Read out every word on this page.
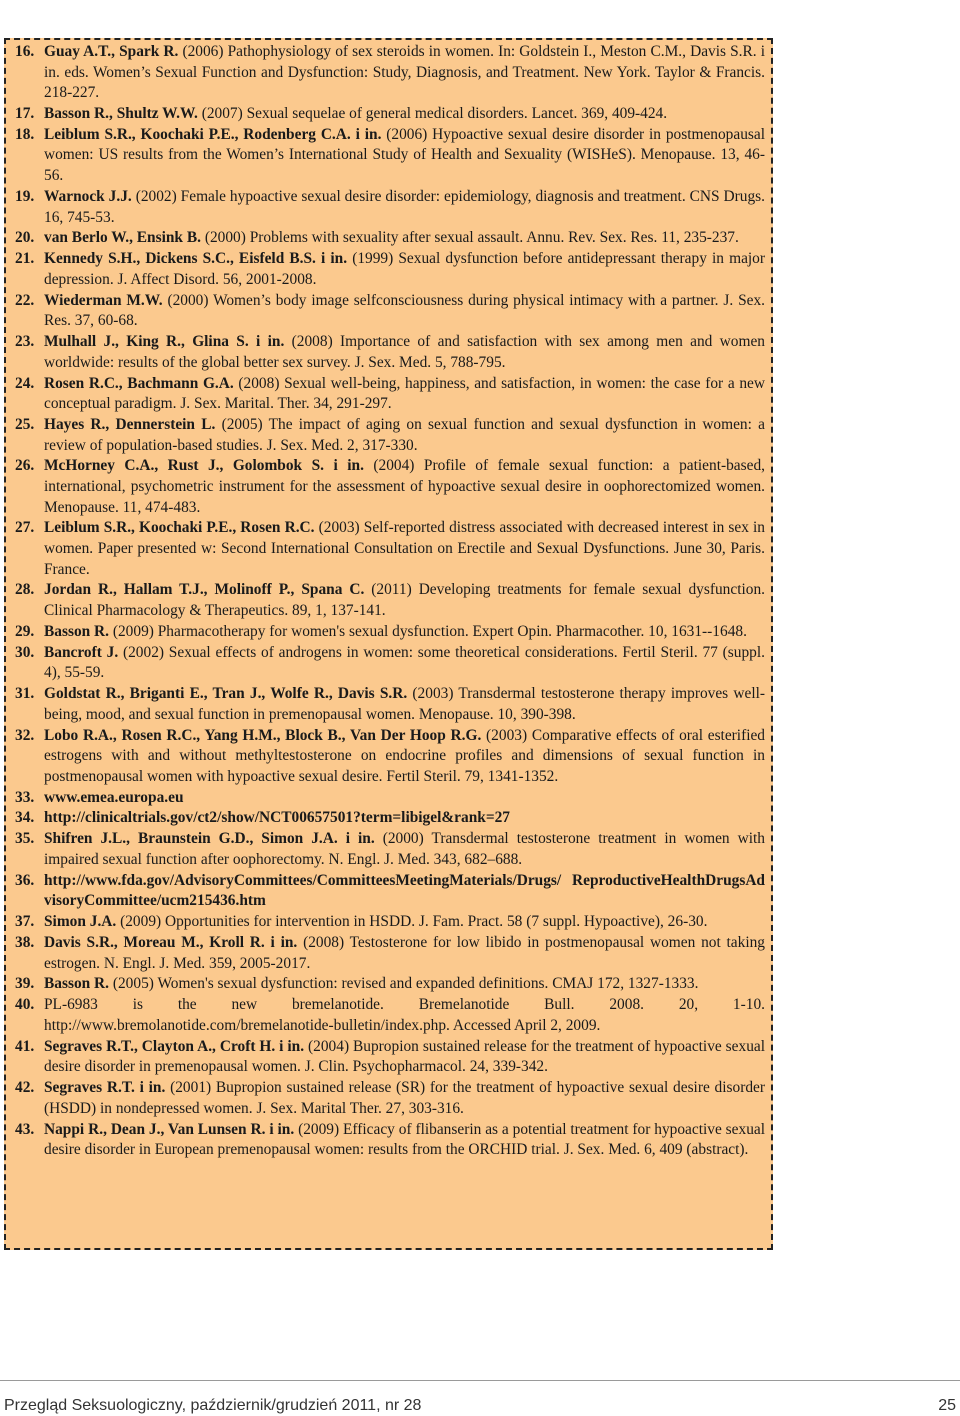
16. Guay A.T., Spark R. (2006) Pathophysiology of sex steroids in women. In: Goldstein I., Meston C.M., Davis S.R. i in. eds. Women’s Sexual Function and Dysfunction: Study, Diagnosis, and Treatment. New York. Taylor & Francis. 218-227.
17. Basson R., Shultz W.W. (2007) Sexual sequelae of general medical disorders. Lancet. 369, 409-424.
18. Leiblum S.R., Koochaki P.E., Rodenberg C.A. i in. (2006) Hypoactive sexual desire disorder in postmenopausal women: US results from the Women’s International Study of Health and Sexuality (WISHeS). Menopause. 13, 46-56.
19. Warnock J.J. (2002) Female hypoactive sexual desire disorder: epidemiology, diagnosis and treatment. CNS Drugs. 16, 745-53.
20. van Berlo W., Ensink B. (2000) Problems with sexuality after sexual assault. Annu. Rev. Sex. Res. 11, 235-237.
21. Kennedy S.H., Dickens S.C., Eisfeld B.S. i in. (1999) Sexual dysfunction before antidepressant therapy in major depression. J. Affect Disord. 56, 2001-2008.
22. Wiederman M.W. (2000) Women’s body image selfconsciousness during physical intimacy with a partner. J. Sex. Res. 37, 60-68.
23. Mulhall J., King R., Glina S. i in. (2008) Importance of and satisfaction with sex among men and women worldwide: results of the global better sex survey. J. Sex. Med. 5, 788-795.
24. Rosen R.C., Bachmann G.A. (2008) Sexual well-being, happiness, and satisfaction, in women: the case for a new conceptual paradigm. J. Sex. Marital. Ther. 34, 291-297.
25. Hayes R., Dennerstein L. (2005) The impact of aging on sexual function and sexual dysfunction in women: a review of population-based studies. J. Sex. Med. 2, 317-330.
26. McHorney C.A., Rust J., Golombok S. i in. (2004) Profile of female sexual function: a patient-based, international, psychometric instrument for the assessment of hypoactive sexual desire in oophorectomized women. Menopause. 11, 474-483.
27. Leiblum S.R., Koochaki P.E., Rosen R.C. (2003) Self-reported distress associated with decreased interest in sex in women. Paper presented w: Second International Consultation on Erectile and Sexual Dysfunctions. June 30, Paris. France.
28. Jordan R., Hallam T.J., Molinoff P., Spana C. (2011) Developing treatments for female sexual dysfunction. Clinical Pharmacology & Therapeutics. 89, 1, 137-141.
29. Basson R. (2009) Pharmacotherapy for women's sexual dysfunction. Expert Opin. Pharmacother. 10, 1631--1648.
30. Bancroft J. (2002) Sexual effects of androgens in women: some theoretical considerations. Fertil Steril. 77 (suppl. 4), 55-59.
31. Goldstat R., Briganti E., Tran J., Wolfe R., Davis S.R. (2003) Transdermal testosterone therapy improves well-being, mood, and sexual function in premenopausal women. Menopause. 10, 390-398.
32. Lobo R.A., Rosen R.C., Yang H.M., Block B., Van Der Hoop R.G. (2003) Comparative effects of oral esterified estrogens with and without methyltestosterone on endocrine profiles and dimensions of sexual function in postmenopausal women with hypoactive sexual desire. Fertil Steril. 79, 1341-1352.
33. www.emea.europa.eu
34. http://clinicaltrials.gov/ct2/show/NCT00657501?term=libigel&rank=27
35. Shifren J.L., Braunstein G.D., Simon J.A. i in. (2000) Transdermal testosterone treatment in women with impaired sexual function after oophorectomy. N. Engl. J. Med. 343, 682–688.
36. http://www.fda.gov/AdvisoryCommittees/CommitteesMeetingMaterials/Drugs/ ReproductiveHealthDrugsAdvisoryCommittee/ucm215436.htm
37. Simon J.A. (2009) Opportunities for intervention in HSDD. J. Fam. Pract. 58 (7 suppl. Hypoactive), 26-30.
38. Davis S.R., Moreau M., Kroll R. i in. (2008) Testosterone for low libido in postmenopausal women not taking estrogen. N. Engl. J. Med. 359, 2005-2017.
39. Basson R. (2005) Women's sexual dysfunction: revised and expanded definitions. CMAJ 172, 1327-1333.
40. PL-6983 is the new bremelanotide. Bremelanotide Bull. 2008. 20, 1-10. http://www.bremolanotide.com/bremelanotide-bulletin/index.php. Accessed April 2, 2009.
41. Segraves R.T., Clayton A., Croft H. i in. (2004) Bupropion sustained release for the treatment of hypoactive sexual desire disorder in premenopausal women. J. Clin. Psychopharmacol. 24, 339-342.
42. Segraves R.T. i in. (2001) Bupropion sustained release (SR) for the treatment of hypoactive sexual desire disorder (HSDD) in nondepressed women. J. Sex. Marital Ther. 27, 303-316.
43. Nappi R., Dean J., Van Lunsen R. i in. (2009) Efficacy of flibanserin as a potential treatment for hypoactive sexual desire disorder in European premenopausal women: results from the ORCHID trial. J. Sex. Med. 6, 409 (abstract).
Przegląd Seksuologiczny, październik/grudzień 2011, nr 28	25
